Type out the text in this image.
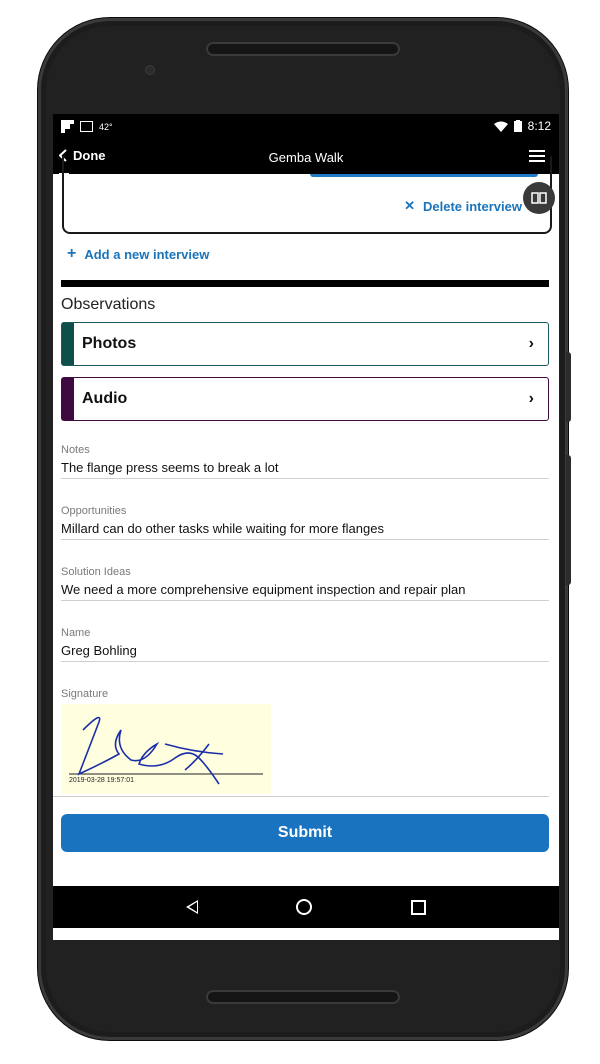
42°	8:12
Done	Gemba Walk
✕ Delete interview
+ Add a new interview
Observations
Photos	›
Audio	›
Notes
The flange press seems to break a lot
Opportunities
Millard can do other tasks while waiting for more flanges
Solution Ideas
We need a more comprehensive equipment inspection and repair plan
Name
Greg Bohling
Signature
2019-03-28 19:57:01
Submit
